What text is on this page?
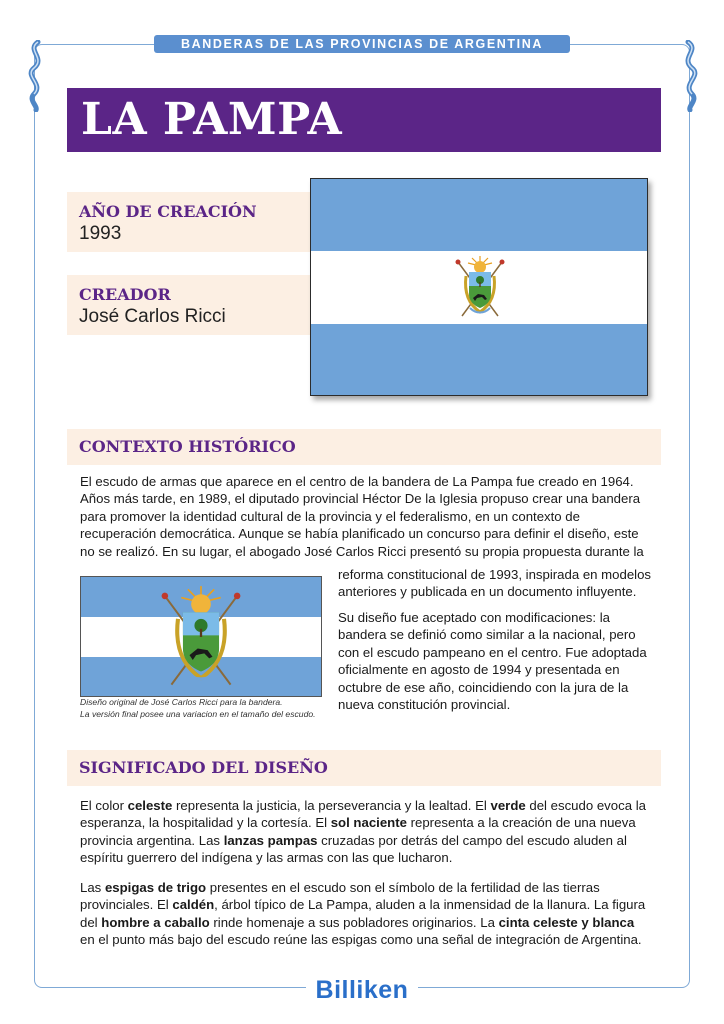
BANDERAS DE LAS PROVINCIAS DE ARGENTINA
LA PAMPA
AÑO DE CREACIÓN
1993
CREADOR
José Carlos Ricci
CONTEXTO HISTÓRICO

El escudo de armas que aparece en el centro de la bandera de La Pampa fue creado en 1964. Años más tarde, en 1989, el diputado provincial Héctor De la Iglesia propuso crear una bandera para promover la identidad cultural de la provincia y el federalismo, en un contexto de recuperación democrática. Aunque se había planificado un concurso para definir el diseño, este no se realizó. En su lugar, el abogado José Carlos Ricci presentó su propia propuesta durante la

reforma constitucional de 1993, inspirada en modelos anteriores y publicada en un documento influyente.

Su diseño fue aceptado con modificaciones: la bandera se definió como similar a la nacional, pero con el escudo pampeano en el centro. Fue adoptada oficialmente en agosto de 1994 y presentada en octubre de ese año, coincidiendo con la jura de la nueva constitución provincial.

Diseño original de José Carlos Ricci para la bandera.
La versión final posee una variacion en el tamaño del escudo.
SIGNIFICADO DEL DISEÑO

El color celeste representa la justicia, la perseverancia y la lealtad. El verde del escudo evoca la esperanza, la hospitalidad y la cortesía. El sol naciente representa a la creación de una nueva provincia argentina. Las lanzas pampas cruzadas por detrás del campo del escudo aluden al espíritu guerrero del indígena y las armas con las que lucharon.

Las espigas de trigo presentes en el escudo son el símbolo de la fertilidad de las tierras provinciales. El caldén, árbol típico de La Pampa, aluden a la inmensidad de la llanura. La figura del hombre a caballo rinde homenaje a sus pobladores originarios. La cinta celeste y blanca en el punto más bajo del escudo reúne las espigas como una señal de integración de Argentina.

Billiken
